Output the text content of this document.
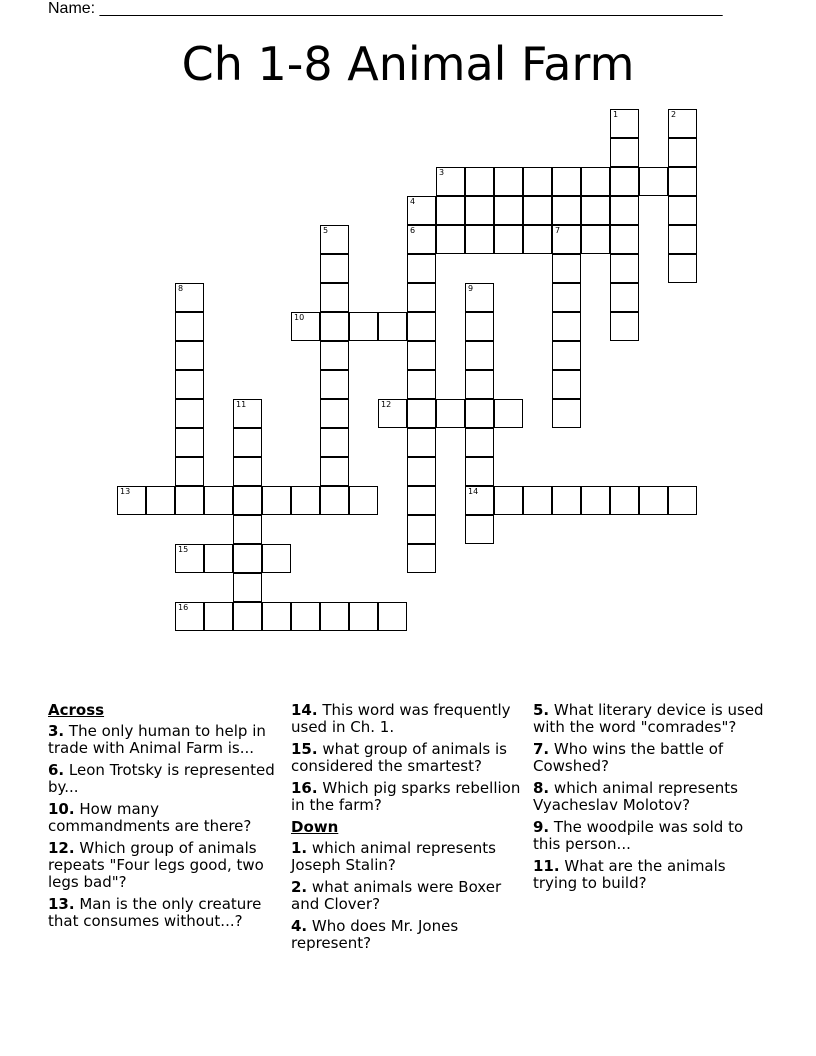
Name: ______________________________________________________________________
Ch 1-8 Animal Farm
1	2
3
4
5	6	7
8	9
14
10
11	12
13
15
16
Across
3. The only human to help in trade with Animal Farm is...
6. Leon Trotsky is represented by...
10. How many commandments are there?
12. Which group of animals repeats "Four legs good, two legs bad"?
13. Man is the only creature that consumes without...?
14. This word was frequently used in Ch. 1.
15. what group of animals is considered the smartest?
16. Which pig sparks rebellion in the farm?
Down
1. which animal represents Joseph Stalin?
2. what animals were Boxer and Clover?
4. Who does Mr. Jones represent?
5. What literary device is used with the word "comrades"?
7. Who wins the battle of Cowshed?
8. which animal represents Vyacheslav Molotov?
9. The woodpile was sold to this person...
11. What are the animals trying to build?
